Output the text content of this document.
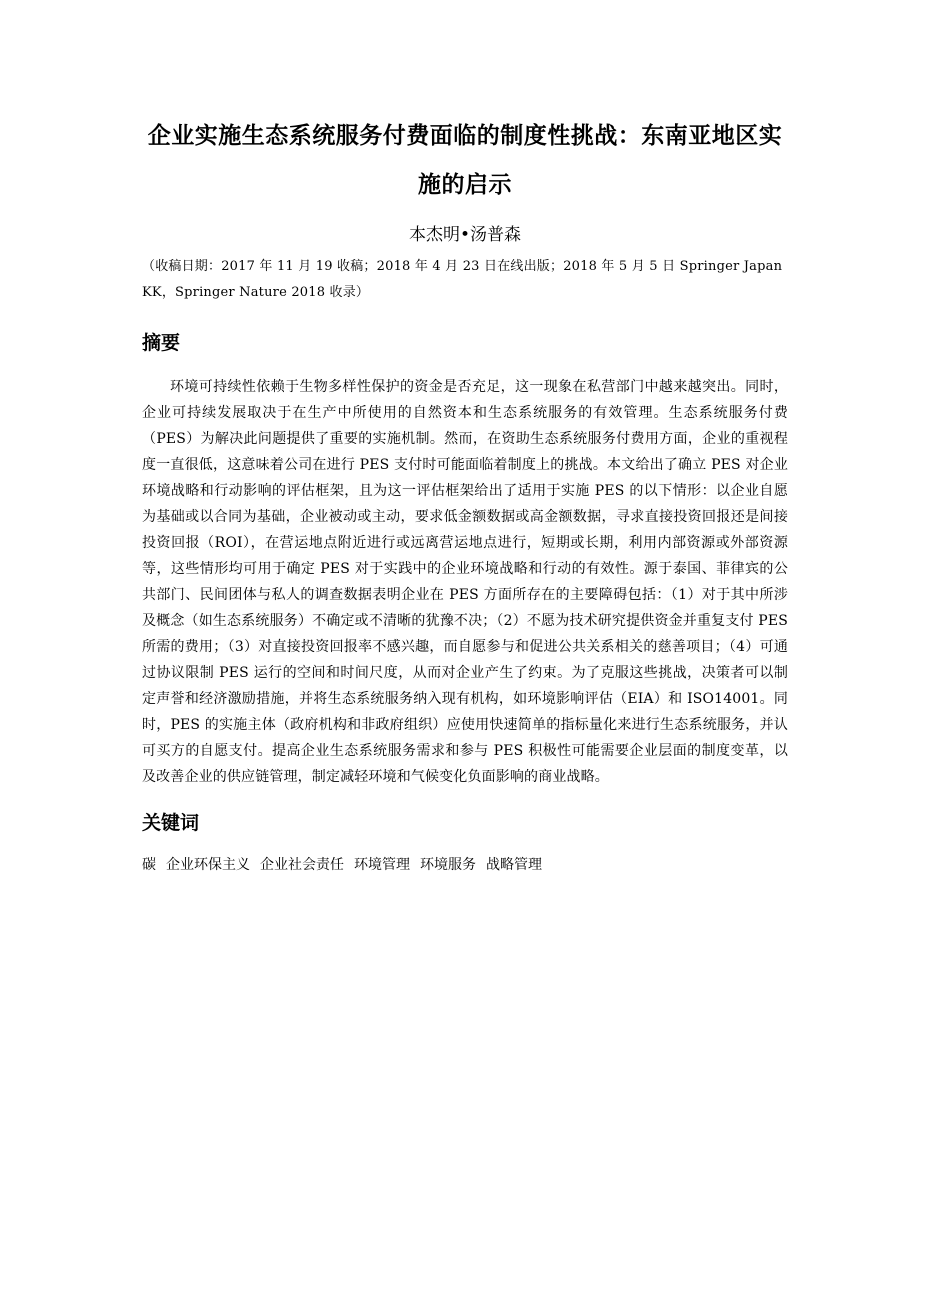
企业实施生态系统服务付费面临的制度性挑战：东南亚地区实施的启示

本杰明•汤普森

（收稿日期：2017 年 11 月 19 收稿；2018 年 4 月 23 日在线出版；2018 年 5 月 5 日 Springer Japan KK，Springer Nature 2018 收录）

摘要

环境可持续性依赖于生物多样性保护的资金是否充足，这一现象在私营部门中越来越突出。同时，企业可持续发展取决于在生产中所使用的自然资本和生态系统服务的有效管理。生态系统服务付费（PES）为解决此问题提供了重要的实施机制。然而，在资助生态系统服务付费用方面，企业的重视程度一直很低，这意味着公司在进行 PES 支付时可能面临着制度上的挑战。本文给出了确立 PES 对企业环境战略和行动影响的评估框架，且为这一评估框架给出了适用于实施 PES 的以下情形：以企业自愿为基础或以合同为基础，企业被动或主动，要求低金额数据或高金额数据，寻求直接投资回报还是间接投资回报（ROI），在营运地点附近进行或远离营运地点进行，短期或长期，利用内部资源或外部资源等，这些情形均可用于确定 PES 对于实践中的企业环境战略和行动的有效性。源于泰国、菲律宾的公共部门、民间团体与私人的调查数据表明企业在 PES 方面所存在的主要障碍包括：（1）对于其中所涉及概念（如生态系统服务）不确定或不清晰的犹豫不决；（2）不愿为技术研究提供资金并重复支付 PES 所需的费用；（3）对直接投资回报率不感兴趣，而自愿参与和促进公共关系相关的慈善项目；（4）可通过协议限制 PES 运行的空间和时间尺度，从而对企业产生了约束。为了克服这些挑战，决策者可以制定声誉和经济激励措施，并将生态系统服务纳入现有机构，如环境影响评估（EIA）和 ISO14001。同时，PES 的实施主体（政府机构和非政府组织）应使用快速简单的指标量化来进行生态系统服务，并认可买方的自愿支付。提高企业生态系统服务需求和参与 PES 积极性可能需要企业层面的制度变革，以及改善企业的供应链管理，制定减轻环境和气候变化负面影响的商业战略。

关键词
碳 企业环保主义 企业社会责任 环境管理 环境服务 战略管理
